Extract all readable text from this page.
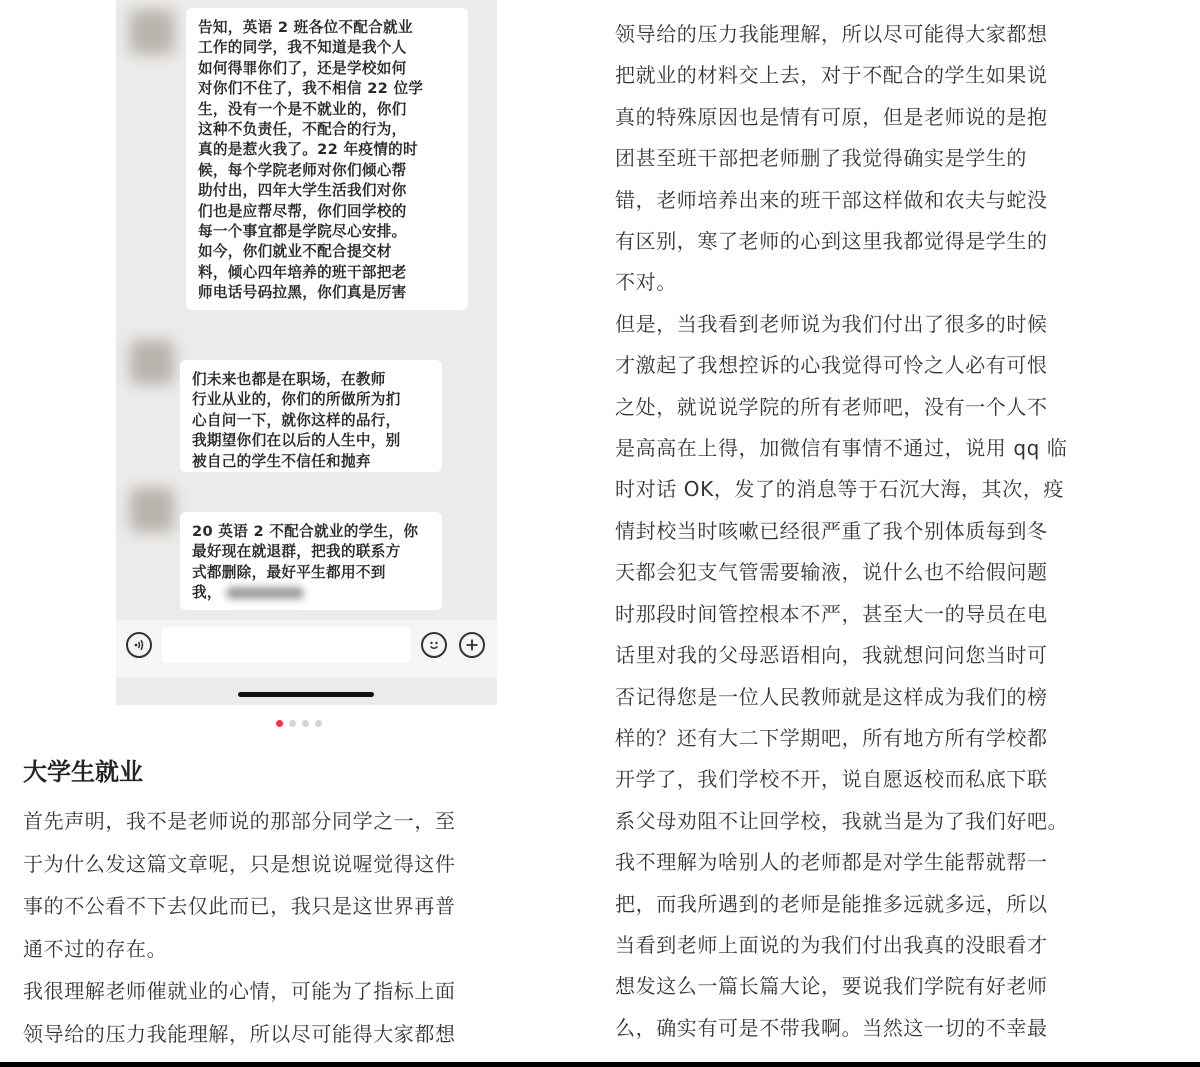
告知，英语 2 班各位不配合就业
工作的同学，我不知道是我个人
如何得罪你们了，还是学校如何
对你们不住了，我不相信 22 位学
生，没有一个是不就业的，你们
这种不负责任，不配合的行为，
真的是惹火我了。22 年疫情的时
候，每个学院老师对你们倾心帮
助付出，四年大学生活我们对你
们也是应帮尽帮，你们回学校的
每一个事宜都是学院尽心安排。
如今，你们就业不配合提交材
料，倾心四年培养的班干部把老
师电话号码拉黑，你们真是厉害
们未来也都是在职场，在教师
行业从业的，你们的所做所为扪
心自问一下，就你这样的品行，
我期望你们在以后的人生中，别
被自己的学生不信任和抛弃
20 英语 2 不配合就业的学生，你
最好现在就退群，把我的联系方
式都删除，最好平生都用不到
我，
大学生就业
首先声明，我不是老师说的那部分同学之一，至
于为什么发这篇文章呢，只是想说说喔觉得这件
事的不公看不下去仅此而已，我只是这世界再普
通不过的存在。
我很理解老师催就业的心情，可能为了指标上面
领导给的压力我能理解，所以尽可能得大家都想
领导给的压力我能理解，所以尽可能得大家都想
把就业的材料交上去，对于不配合的学生如果说
真的特殊原因也是情有可原，但是老师说的是抱
团甚至班干部把老师删了我觉得确实是学生的
错，老师培养出来的班干部这样做和农夫与蛇没
有区别，寒了老师的心到这里我都觉得是学生的
不对。
但是，当我看到老师说为我们付出了很多的时候
才激起了我想控诉的心我觉得可怜之人必有可恨
之处，就说说学院的所有老师吧，没有一个人不
是高高在上得，加微信有事情不通过，说用 qq 临
时对话 OK，发了的消息等于石沉大海，其次，疫
情封校当时咳嗽已经很严重了我个别体质每到冬
天都会犯支气管需要输液，说什么也不给假问题
时那段时间管控根本不严，甚至大一的导员在电
话里对我的父母恶语相向，我就想问问您当时可
否记得您是一位人民教师就是这样成为我们的榜
样的？还有大二下学期吧，所有地方所有学校都
开学了，我们学校不开，说自愿返校而私底下联
系父母劝阻不让回学校，我就当是为了我们好吧。
我不理解为啥别人的老师都是对学生能帮就帮一
把，而我所遇到的老师是能推多远就多远，所以
当看到老师上面说的为我们付出我真的没眼看才
想发这么一篇长篇大论，要说我们学院有好老师
么，确实有可是不带我啊。当然这一切的不幸最
